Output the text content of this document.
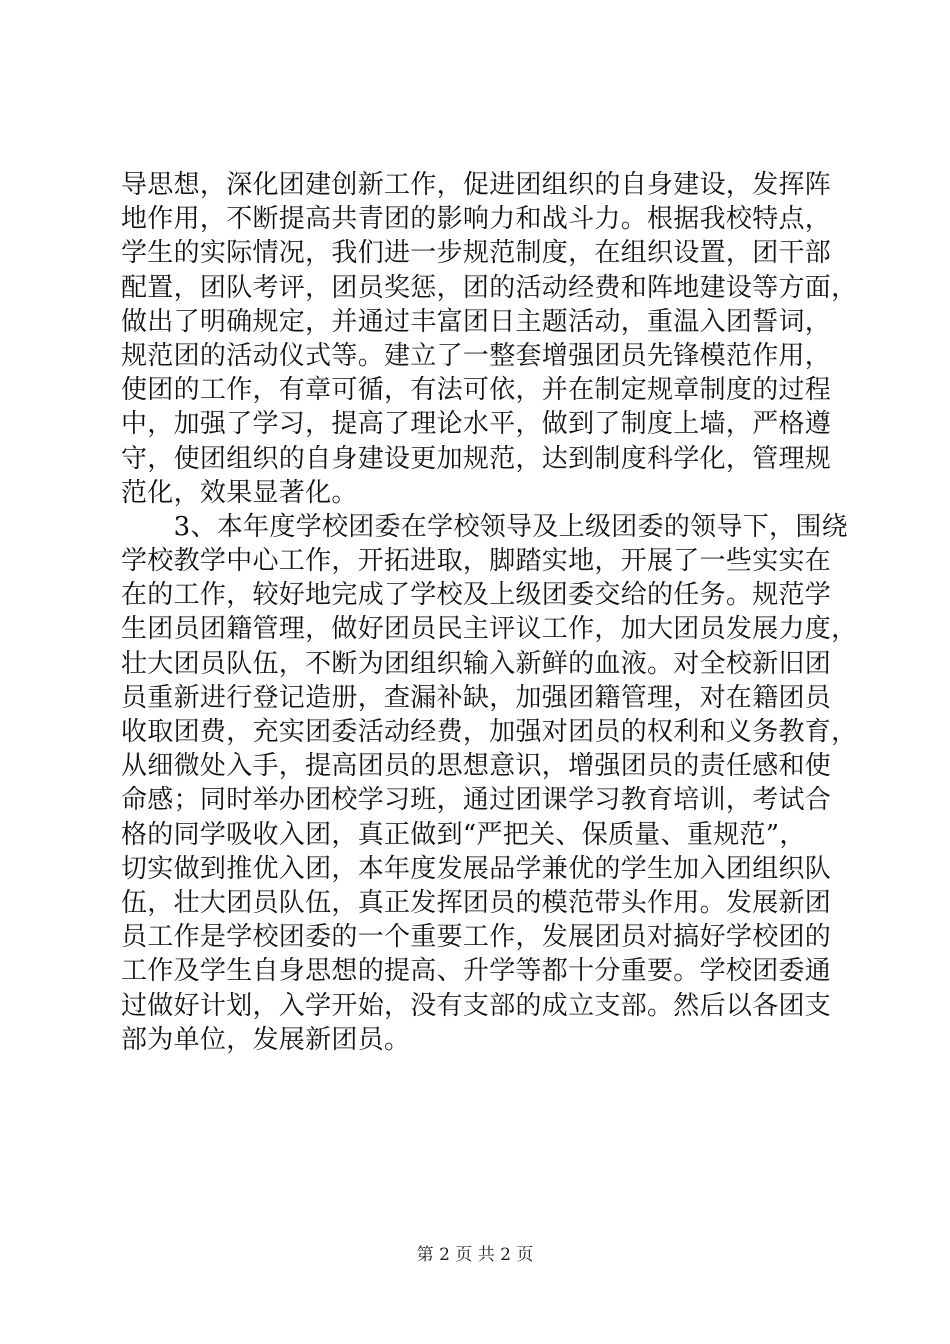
导思想，深化团建创新工作，促进团组织的自身建设，发挥阵
地作用，不断提高共青团的影响力和战斗力。根据我校特点，
学生的实际情况，我们进一步规范制度，在组织设置，团干部
配置，团队考评，团员奖惩，团的活动经费和阵地建设等方面，
做出了明确规定，并通过丰富团日主题活动，重温入团誓词，
规范团的活动仪式等。建立了一整套增强团员先锋模范作用，
使团的工作，有章可循，有法可依，并在制定规章制度的过程
中，加强了学习，提高了理论水平，做到了制度上墙，严格遵
守，使团组织的自身建设更加规范，达到制度科学化，管理规
范化，效果显著化。
　　3、本年度学校团委在学校领导及上级团委的领导下，围绕
学校教学中心工作，开拓进取，脚踏实地，开展了一些实实在
在的工作，较好地完成了学校及上级团委交给的任务。规范学
生团员团籍管理，做好团员民主评议工作，加大团员发展力度，
壮大团员队伍，不断为团组织输入新鲜的血液。对全校新旧团
员重新进行登记造册，查漏补缺，加强团籍管理，对在籍团员
收取团费，充实团委活动经费，加强对团员的权利和义务教育，
从细微处入手，提高团员的思想意识，增强团员的责任感和使
命感；同时举办团校学习班，通过团课学习教育培训，考试合
格的同学吸收入团，真正做到“严把关、保质量、重规范”，
切实做到推优入团，本年度发展品学兼优的学生加入团组织队
伍，壮大团员队伍，真正发挥团员的模范带头作用。发展新团
员工作是学校团委的一个重要工作，发展团员对搞好学校团的
工作及学生自身思想的提高、升学等都十分重要。学校团委通
过做好计划，入学开始，没有支部的成立支部。然后以各团支
部为单位，发展新团员。
第 2 页 共 2 页
